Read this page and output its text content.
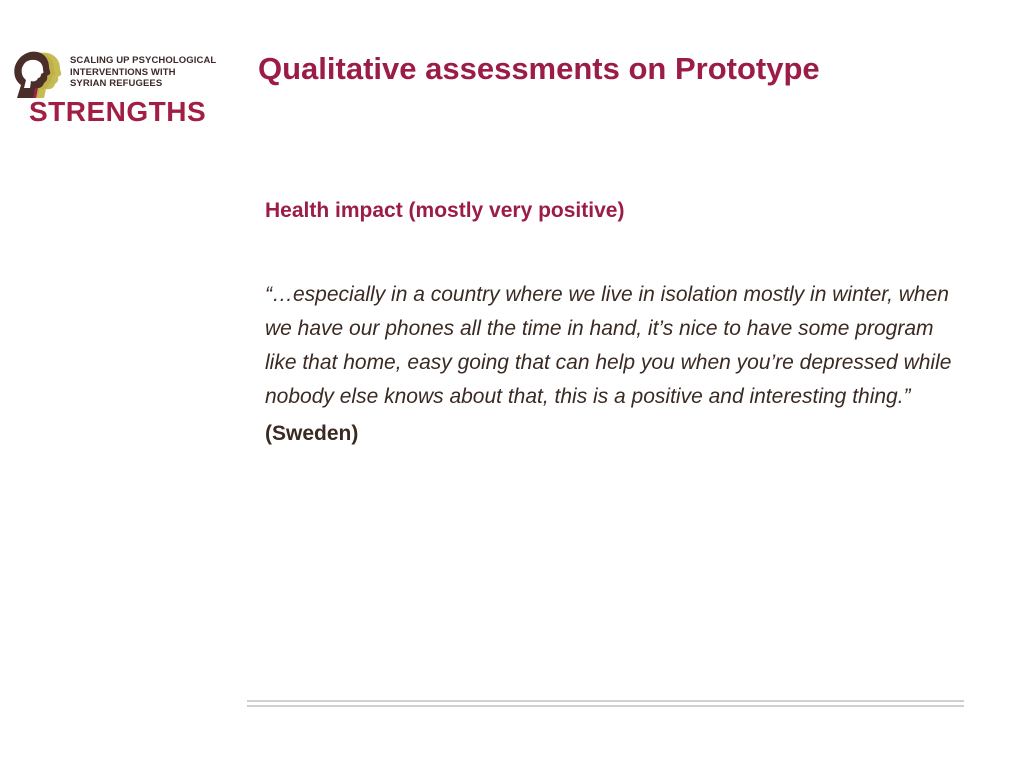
SCALING UP PSYCHOLOGICAL
INTERVENTIONS WITH
SYRIAN REFUGEES
STRENGTHS
Qualitative assessments on Prototype

Health impact (mostly very positive)

“…especially in a country where we live in isolation mostly in winter, when we have our phones all the time in hand, it’s nice to have some program like that home, easy going that can help you when you’re depressed while nobody else knows about that, this is a positive and interesting thing.”

(Sweden)
